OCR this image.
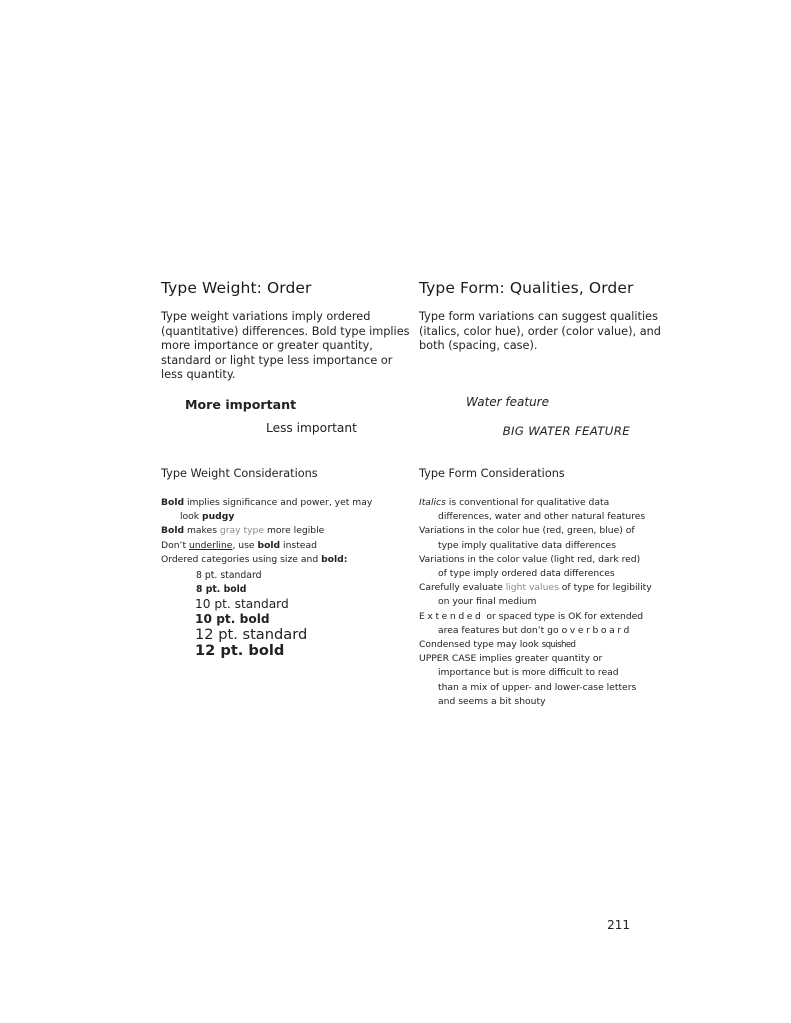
Type Weight: Order
Type weight variations imply ordered
(quantitative) differences. Bold type implies
more importance or greater quantity,
standard or light type less importance or
less quantity.
More important
Less important
Type Weight Considerations
Bold implies significance and power, yet may
look pudgy
Bold makes gray type more legible
Don’t underline, use bold instead
Ordered categories using size and bold:
8 pt. standard
8 pt. bold
10 pt. standard
10 pt. bold
12 pt. standard
12 pt. bold
Type Form: Qualities, Order
Type form variations can suggest qualities
(italics, color hue), order (color value), and
both (spacing, case).
Water feature
BIG WATER FEATURE
Type Form Considerations
Italics is conventional for qualitative data
differences, water and other natural features
Variations in the color hue (red, green, blue) of
type imply qualitative data differences
Variations in the color value (light red, dark red)
of type imply ordered data differences
Carefully evaluate light values of type for legibility
on your final medium
Extended or spaced type is OK for extended
area features but don’t go overboard
Condensed type may look squished
UPPER CASE implies greater quantity or
importance but is more difficult to read
than a mix of upper- and lower-case letters
and seems a bit shouty
211
